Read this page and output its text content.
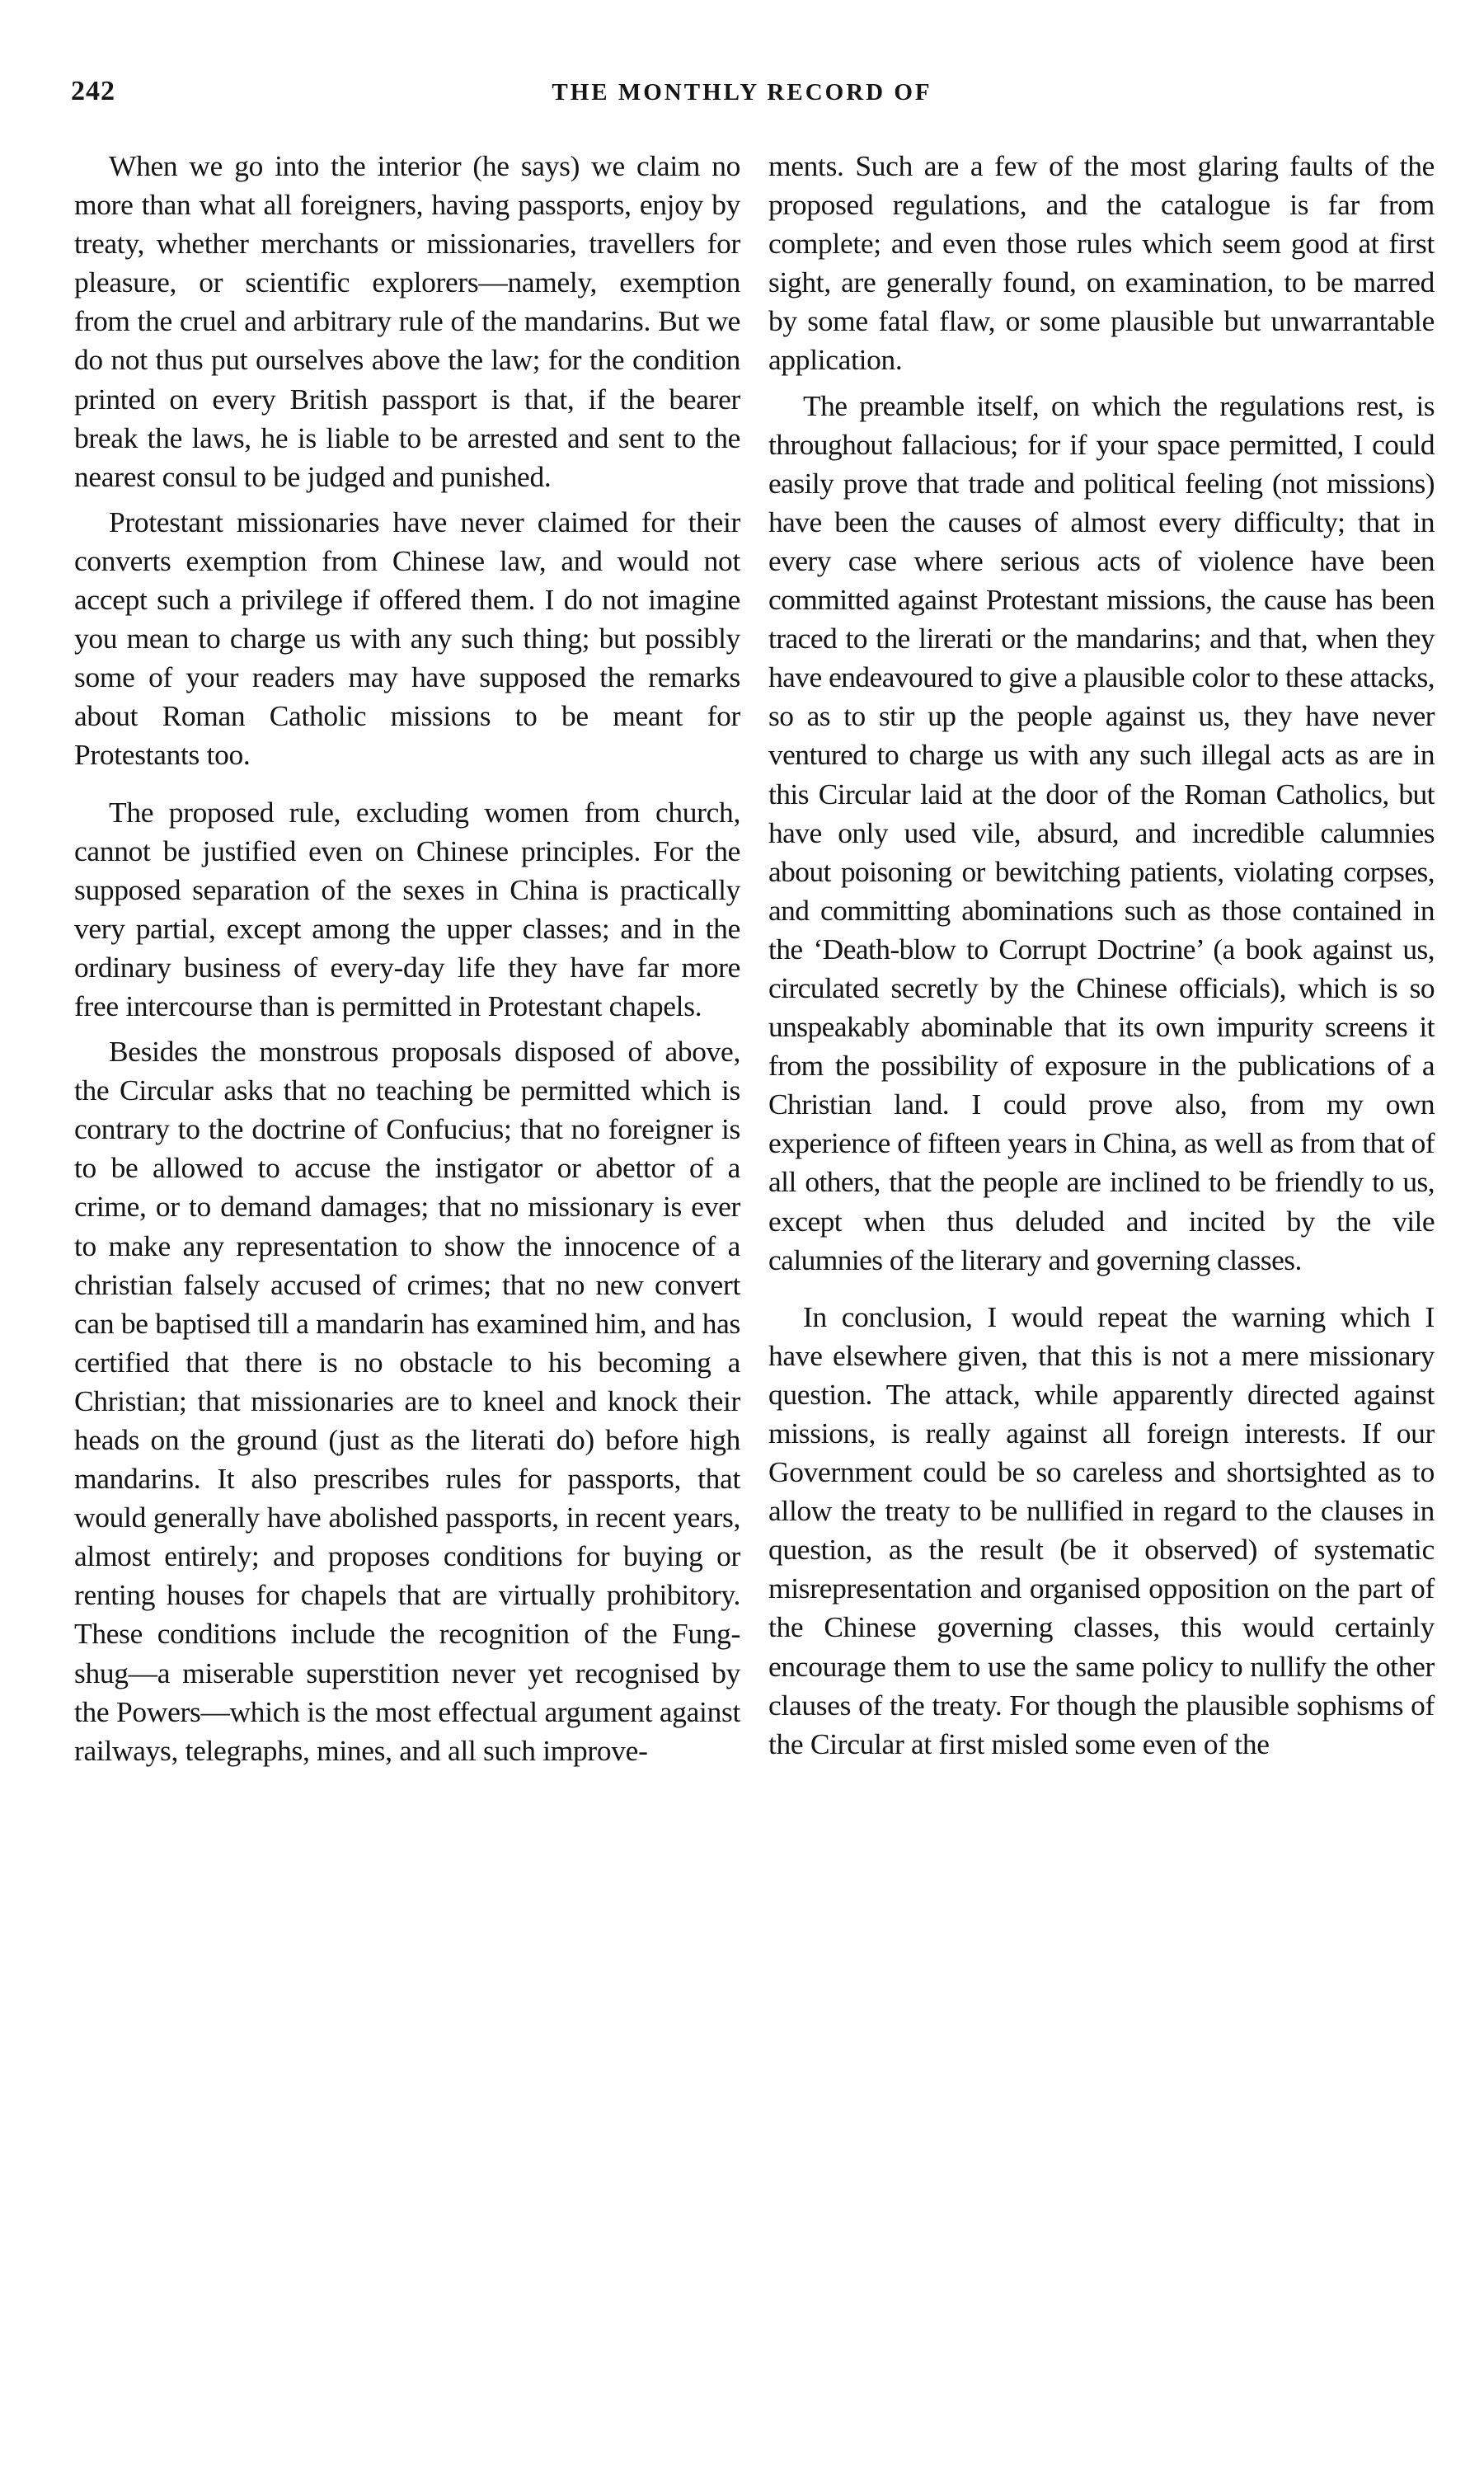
242	THE MONTHLY RECORD OF

When we go into the interior (he says) we claim no more than what all foreigners, having passports, enjoy by treaty, whether merchants or missionaries, travellers for pleasure, or scientific explorers—namely, exemption from the cruel and arbitrary rule of the mandarins. But we do not thus put ourselves above the law; for the condition printed on every British passport is that, if the bearer break the laws, he is liable to be arrested and sent to the nearest consul to be judged and punished.

Protestant missionaries have never claimed for their converts exemption from Chinese law, and would not accept such a privilege if offered them. I do not imagine you mean to charge us with any such thing; but possibly some of your readers may have supposed the remarks about Roman Catholic missions to be meant for Protestants too.

The proposed rule, excluding women from church, cannot be justified even on Chinese principles. For the supposed separation of the sexes in China is practically very partial, except among the upper classes; and in the ordinary business of every-day life they have far more free intercourse than is permitted in Protestant chapels.

Besides the monstrous proposals disposed of above, the Circular asks that no teaching be permitted which is contrary to the doctrine of Confucius; that no foreigner is to be allowed to accuse the instigator or abettor of a crime, or to demand damages; that no missionary is ever to make any representation to show the innocence of a christian falsely accused of crimes; that no new convert can be baptised till a mandarin has examined him, and has certified that there is no obstacle to his becoming a Christian; that missionaries are to kneel and knock their heads on the ground (just as the literati do) before high mandarins. It also prescribes rules for passports, that would generally have abolished passports, in recent years, almost entirely; and proposes conditions for buying or renting houses for chapels that are virtually prohibitory. These conditions include the recognition of the Fung-shug—a miserable superstition never yet recognised by the Powers—which is the most effectual argument against railways, telegraphs, mines, and all such improve-

ments. Such are a few of the most glaring faults of the proposed regulations, and the catalogue is far from complete; and even those rules which seem good at first sight, are generally found, on examination, to be marred by some fatal flaw, or some plausible but unwarrantable application.

The preamble itself, on which the regulations rest, is throughout fallacious; for if your space permitted, I could easily prove that trade and political feeling (not missions) have been the causes of almost every difficulty; that in every case where serious acts of violence have been committed against Protestant missions, the cause has been traced to the lirerati or the mandarins; and that, when they have endeavoured to give a plausible color to these attacks, so as to stir up the people against us, they have never ventured to charge us with any such illegal acts as are in this Circular laid at the door of the Roman Catholics, but have only used vile, absurd, and incredible calumnies about poisoning or bewitching patients, violating corpses, and committing abominations such as those contained in the ‘Death-blow to Corrupt Doctrine’ (a book against us, circulated secretly by the Chinese officials), which is so unspeakably abominable that its own impurity screens it from the possibility of exposure in the publications of a Christian land. I could prove also, from my own experience of fifteen years in China, as well as from that of all others, that the people are inclined to be friendly to us, except when thus deluded and incited by the vile calumnies of the literary and governing classes.

In conclusion, I would repeat the warning which I have elsewhere given, that this is not a mere missionary question. The attack, while apparently directed against missions, is really against all foreign interests. If our Government could be so careless and shortsighted as to allow the treaty to be nullified in regard to the clauses in question, as the result (be it observed) of systematic misrepresentation and organised opposition on the part of the Chinese governing classes, this would certainly encourage them to use the same policy to nullify the other clauses of the treaty. For though the plausible sophisms of the Circular at first misled some even of the
